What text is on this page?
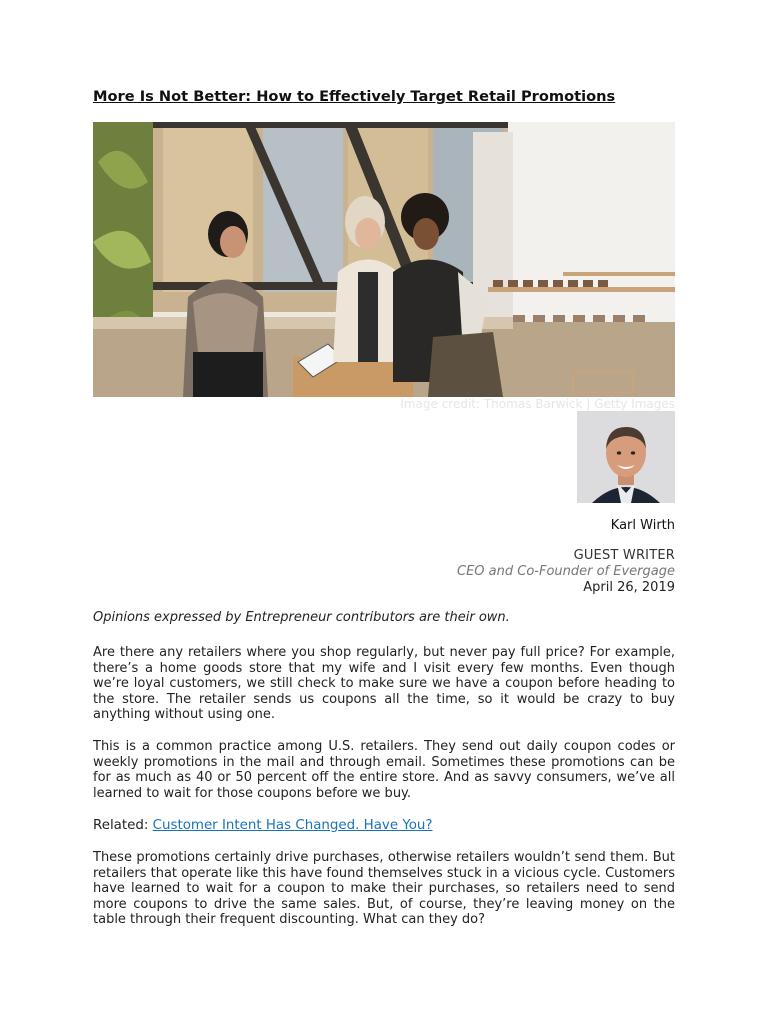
More Is Not Better: How to Effectively Target Retail Promotions
Image credit: Thomas Barwick | Getty Images
Karl Wirth
GUEST WRITER
CEO and Co-Founder of Evergage
April 26, 2019

Opinions expressed by Entrepreneur contributors are their own.

Are there any retailers where you shop regularly, but never pay full price? For example, there’s a home goods store that my wife and I visit every few months. Even though we’re loyal customers, we still check to make sure we have a coupon before heading to the store. The retailer sends us coupons all the time, so it would be crazy to buy anything without using one.

This is a common practice among U.S. retailers. They send out daily coupon codes or weekly promotions in the mail and through email. Sometimes these promotions can be for as much as 40 or 50 percent off the entire store. And as savvy consumers, we’ve all learned to wait for those coupons before we buy.

Related: Customer Intent Has Changed. Have You?

These promotions certainly drive purchases, otherwise retailers wouldn’t send them. But retailers that operate like this have found themselves stuck in a vicious cycle. Customers have learned to wait for a coupon to make their purchases, so retailers need to send more coupons to drive the same sales. But, of course, they’re leaving money on the table through their frequent discounting. What can they do?
